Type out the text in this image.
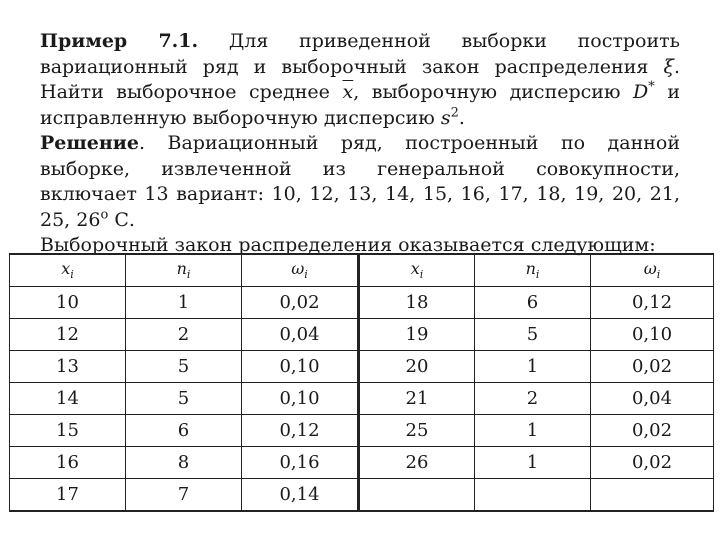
Пример 7.1. Для приведенной выборки построить вариационный ряд и выборочный закон распределения ξ. Найти выборочное среднее $\overline{x}$, выборочную дисперсию D* и исправленную выборочную дисперсию $s^2$.

Решение. Вариационный ряд, построенный по данной выборке, извлеченной из генеральной совокупности, включает 13 вариант: 10, 12, 13, 14, 15, 16, 17, 18, 19, 20, 21, 25, $26^о$ С.

Выборочный закон распределения оказывается следующим:

$x_i$	$n_i$	$\omega_i$	$x_i$	$n_i$	$\omega_i$
10	1	0,02	18	6	0,12
12	2	0,04	19	5	0,10
13	5	0,10	20	1	0,02
14	5	0,10	21	2	0,04
15	6	0,12	25	1	0,02
16	8	0,16	26	1	0,02
17	7	0,14			
